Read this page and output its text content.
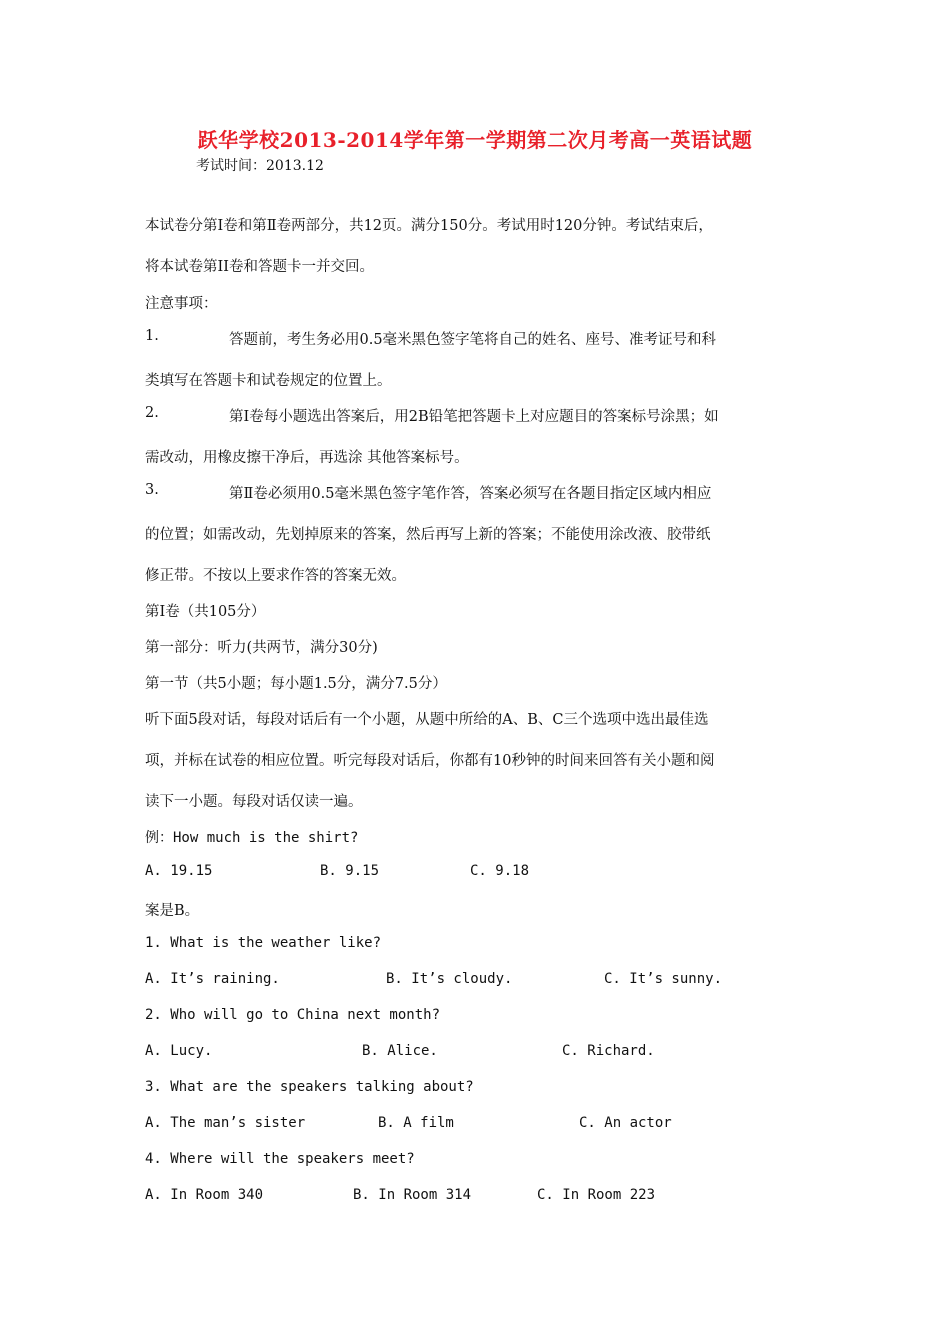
跃华学校2013-2014学年第一学期第二次月考高一英语试题
考试时间：2013.12
本试卷分第Ⅰ卷和第Ⅱ卷两部分，共12页。满分150分。考试用时120分钟。考试结束后，
将本试卷第II卷和答题卡一并交回。
注意事项：
1.	答题前，考生务必用0.5毫米黑色签字笔将自己的姓名、座号、准考证号和科
类填写在答题卡和试卷规定的位置上。
2.	第Ⅰ卷每小题选出答案后，用2B铅笔把答题卡上对应题目的答案标号涂黑；如
需改动，用橡皮擦干净后，再选涂 其他答案标号。
3.	第Ⅱ卷必须用0.5毫米黑色签字笔作答，答案必须写在各题目指定区域内相应
的位置；如需改动，先划掉原来的答案，然后再写上新的答案；不能使用涂改液、胶带纸
修正带。不按以上要求作答的答案无效。
第Ⅰ卷（共105分）
第一部分：听力(共两节，满分30分)
第一节（共5小题；每小题1.5分，满分7.5分）
听下面5段对话，每段对话后有一个小题，从题中所给的A、B、C三个选项中选出最佳选
项，并标在试卷的相应位置。听完每段对话后，你都有10秒钟的时间来回答有关小题和阅
读下一小题。每段对话仅读一遍。
例：How much is the shirt?
A. 19.15	B. 9.15	C. 9.18
案是B。
1. What is the weather like?
A. It’s raining.	B. It’s cloudy.	C. It’s sunny.
2. Who will go to China next month?
A. Lucy.	B. Alice.	C. Richard.
3. What are the speakers talking about?
A. The man’s sister	B. A film	C. An actor
4. Where will the speakers meet?
A. In Room 340	B. In Room 314	C. In Room 223
